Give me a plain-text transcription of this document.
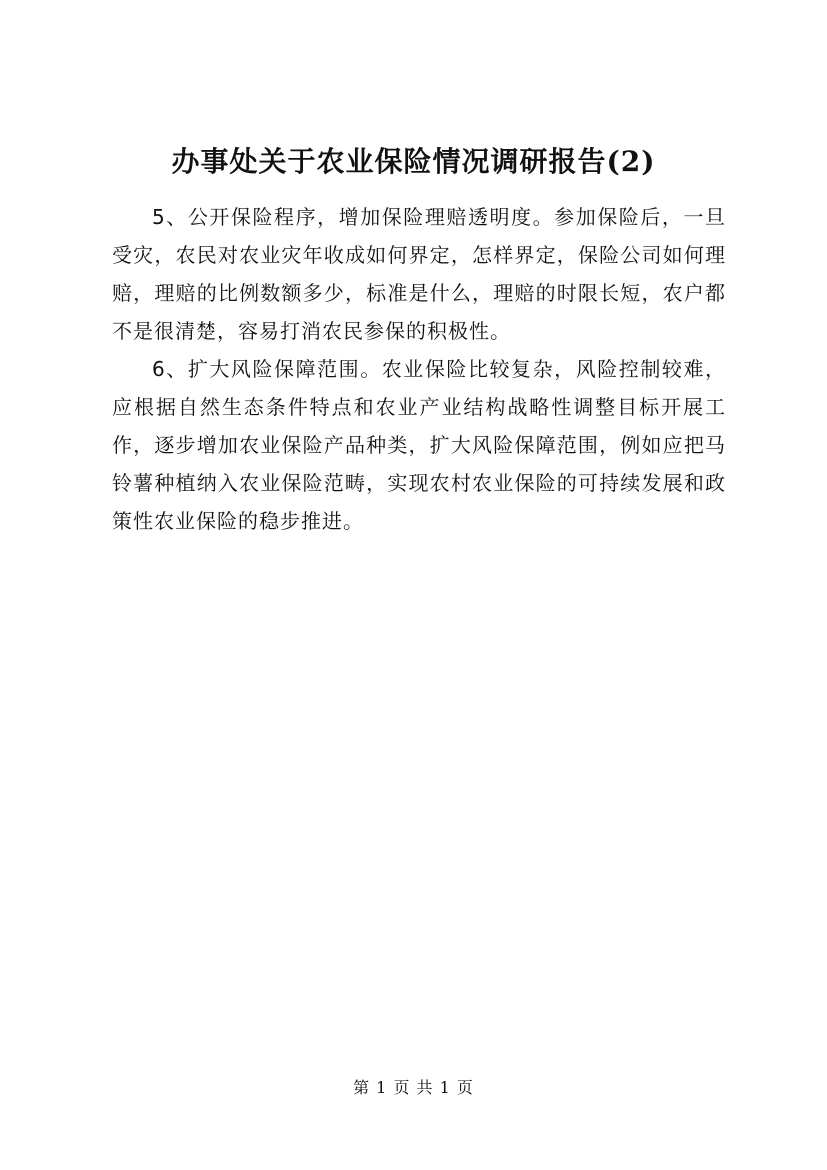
办事处关于农业保险情况调研报告(2)

5、公开保险程序，增加保险理赔透明度。参加保险后，一旦受灾，农民对农业灾年收成如何界定，怎样界定，保险公司如何理赔，理赔的比例数额多少，标准是什么，理赔的时限长短，农户都不是很清楚，容易打消农民参保的积极性。

6、扩大风险保障范围。农业保险比较复杂，风险控制较难，应根据自然生态条件特点和农业产业结构战略性调整目标开展工作，逐步增加农业保险产品种类，扩大风险保障范围，例如应把马铃薯种植纳入农业保险范畴，实现农村农业保险的可持续发展和政策性农业保险的稳步推进。

第 1 页 共 1 页
